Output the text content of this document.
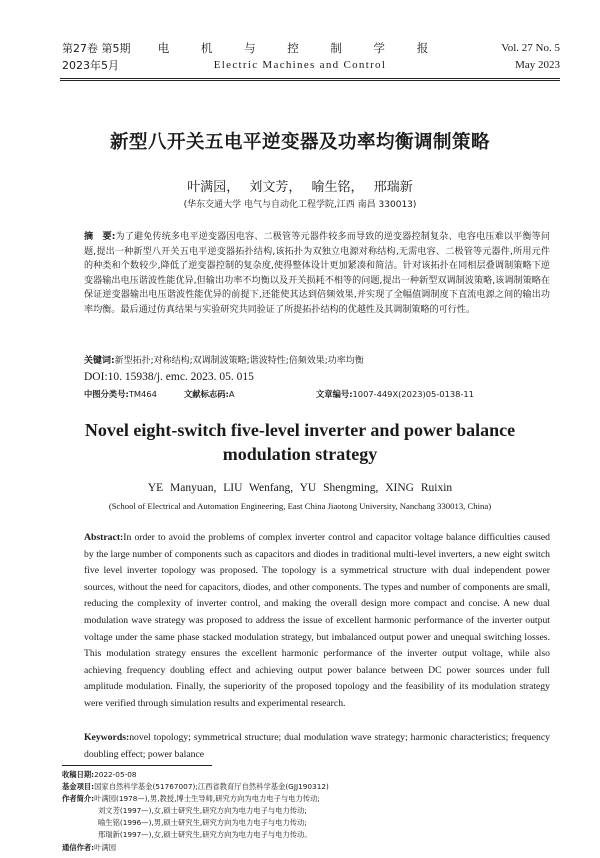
第27卷 第5期
2023年5月
电 机 与 控 制 学 报
Electric Machines and Control
Vol. 27 No. 5
May 2023
新型八开关五电平逆变器及功率均衡调制策略
叶满园， 刘文芳， 喻生铭， 邢瑞新
(华东交通大学 电气与自动化工程学院,江西 南昌 330013)
摘　要:为了避免传统多电平逆变器因电容、二极管等元器件较多而导致的逆变器控制复杂、电容电压难以平衡等问题,提出一种新型八开关五电平逆变器拓扑结构,该拓扑为双独立电源对称结构,无需电容、二极管等元器件,所用元件的种类和个数较少,降低了逆变器控制的复杂度,使得整体设计更加紧凑和简洁。针对该拓扑在同相层叠调制策略下逆变器输出电压谐波性能优异,但输出功率不均衡以及开关损耗不相等的问题,提出一种新型双调制波策略,该调制策略在保证逆变器输出电压谐波性能优异的前提下,还能使其达到倍频效果,并实现了全幅值调制度下直流电源之间的输出功率均衡。最后通过仿真结果与实验研究共同验证了所提拓扑结构的优越性及其调制策略的可行性。
关键词:新型拓扑;对称结构;双调制波策略;谐波特性;倍频效果;功率均衡
DOI:10. 15938/j. emc. 2023. 05. 015
中图分类号:TM464	文献标志码:A	文章编号:1007-449X(2023)05-0138-11
Novel eight-switch five-level inverter and power balance
modulation strategy
YE Manyuan, LIU Wenfang, YU Shengming, XING Ruixin
(School of Electrical and Automation Engineering, East China Jiaotong University, Nanchang 330013, China)
Abstract:In order to avoid the problems of complex inverter control and capacitor voltage balance difficulties caused by the large number of components such as capacitors and diodes in traditional multi-level inverters, a new eight switch five level inverter topology was proposed. The topology is a symmetrical structure with dual independent power sources, without the need for capacitors, diodes, and other components. The types and number of components are small, reducing the complexity of inverter control, and making the overall design more compact and concise. A new dual modulation wave strategy was proposed to address the issue of excellent harmonic performance of the inverter output voltage under the same phase stacked modulation strategy, but imbalanced output power and unequal switching losses. This modulation strategy ensures the excellent harmonic performance of the inverter output voltage, while also achieving frequency doubling effect and achieving output power balance between DC power sources under full amplitude modulation. Finally, the superiority of the proposed topology and the feasibility of its modulation strategy were verified through simulation results and experimental research.
Keywords:novel topology; symmetrical structure; dual modulation wave strategy; harmonic characteristics; frequency doubling effect; power balance
收稿日期:2022-05-08
基金项目:国家自然科学基金(51767007);江西省教育厅自然科学基金(GJJ190312)
作者简介:叶满园(1978—),男,教授,博士生导师,研究方向为电力电子与电力传动;
刘文芳(1997—),女,硕士研究生,研究方向为电力电子与电力传动;
喻生铭(1996—),男,硕士研究生,研究方向为电力电子与电力传动;
邢瑞新(1997—),女,硕士研究生,研究方向为电力电子与电力传动。
通信作者:叶满园
